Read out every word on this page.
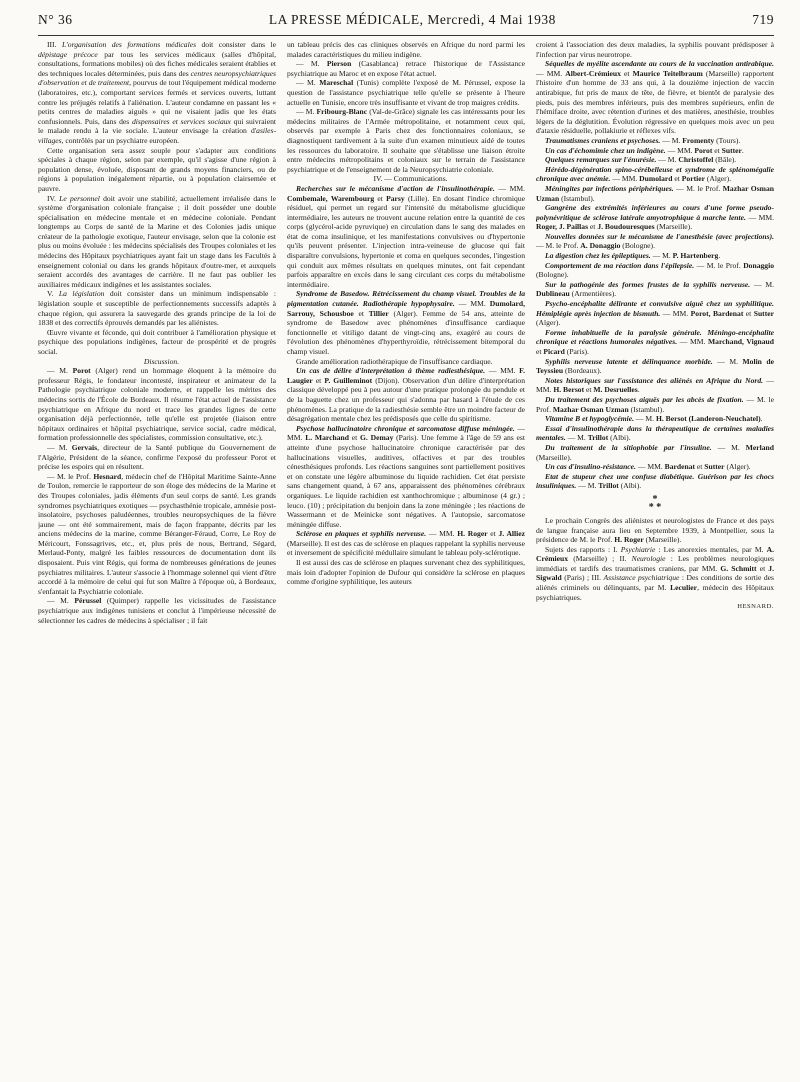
N° 36	LA PRESSE MÉDICALE, Mercredi, 4 Mai 1938	719

III. L'organisation des formations médicales doit consister dans le dépistage précoce par tous les services médicaux (salles d'hôpital, consultations, formations mobiles) où des fiches médicales seraient établies et des techniques locales déterminées, puis dans des centres neuropsychiatriques d'observation et de traitement, pourvus de tout l'équipement médical moderne (laboratoires, etc.), comportant services fermés et services ouverts, luttant contre les préjugés relatifs à l'aliénation. L'auteur condamne en passant les « petits centres de maladies aiguës » qui ne visaient jadis que les états confusionnels. Puis, dans des dispensaires et services sociaux qui suivraient le malade rendu à la vie sociale. L'auteur envisage la création d'asiles-villages, contrôlés par un psychiatre européen.

Cette organisation sera assez souple pour s'adapter aux conditions spéciales à chaque région, selon par exemple, qu'il s'agisse d'une région à population dense, évoluée, disposant de grands moyens financiers, ou de régions à population inégalement répartie, ou à population clairsemée et pauvre.

IV. Le personnel doit avoir une stabilité, actuellement irréalisée dans le système d'organisation coloniale française ; il doit posséder une double spécialisation en médecine mentale et en médecine coloniale. Pendant longtemps au Corps de santé de la Marine et des Colonies jadis unique créateur de la pathologie exotique, l'auteur envisage, selon que la colonie est plus ou moins évoluée : les médecins spécialisés des Troupes coloniales et les médecins des Hôpitaux psychiatriques ayant fait un stage dans les Facultés à enseignement colonial ou dans les grands hôpitaux d'outre-mer, et auxquels seraient accordés des avantages de carrière. Il ne faut pas oublier les auxiliaires médicaux indigènes et les assistantes sociales.

V. La législation doit consister dans un minimum indispensable : législation souple et susceptible de perfectionnements successifs adaptés à chaque région, qui assurera la sauvegarde des grands principe de la loi de 1838 et des correctifs éprouvés demandés par les aliénistes.

Œuvre vivante et féconde, qui doit contribuer à l'amélioration physique et psychique des populations indigènes, facteur de prospérité et de progrès social.

Discussion.

— M. Porot (Alger) rend un hommage éloquent à la mémoire du professeur Régis, le fondateur incontesté, inspirateur et animateur de la Pathologie psychiatrique coloniale moderne, et rappelle les mérites des médecins sortis de l'École de Bordeaux. Il résume l'état actuel de l'assistance psychiatrique en Afrique du nord et trace les grandes lignes de cette organisation déjà perfectionnée, telle qu'elle est projetée (liaison entre hôpitaux ordinaires et hôpital psychiatrique, service social, cadre médical, formation professionnelle des spécialistes, commission consultative, etc.).

— M. Gervais, directeur de la Santé publique du Gouvernement de l'Algérie, Président de la séance, confirme l'exposé du professeur Porot et précise les espoirs qui en résultent.

— M. le Prof. Hesnard, médecin chef de l'Hôpital Maritime Sainte-Anne de Toulon, remercie le rapporteur de son éloge des médecins de la Marine et des Troupes coloniales, jadis éléments d'un seul corps de santé. Les grands syndromes psychiatriques exotiques — psychasthénie tropicale, amnésie post-insolatoire, psychoses paludéennes, troubles neuropsychiques de la fièvre jaune — ont été sommairement, mais de façon frappante, décrits par les anciens médecins de la marine, comme Béranger-Féraud, Corre, Le Roy de Méricourt, Fonssagrives, etc., et, plus près de nous, Bertrand, Ségard, Merlaud-Ponty, malgré les faibles ressources de documentation dont ils disposaient. Puis vint Régis, qui forma de nombreuses générations de jeunes psychiatres militaires. L'auteur s'associe à l'hommage solennel qui vient d'être accordé à la mémoire de celui qui fut son Maître à l'époque où, à Bordeaux, s'enfantait la Psychiatrie coloniale.

— M. Pérussel (Quimper) rappelle les vicissitudes de l'assistance psychiatrique aux indigènes tunisiens et conclut à l'impérieuse nécessité de sélectionner les cadres de médecins à spécialiser ; il fait

un tableau précis des cas cliniques observés en Afrique du nord parmi les malades caractéristiques du milieu indigène.

— M. Pierson (Casablanca) retrace l'historique de l'Assistance psychiatrique au Maroc et en expose l'état actuel.

— M. Mareschal (Tunis) complète l'exposé de M. Pérussel, expose la question de l'assistance psychiatrique telle qu'elle se présente à l'heure actuelle en Tunisie, encore très insuffisante et vivant de trop maigres crédits.

— M. Fribourg-Blanc (Val-de-Grâce) signale les cas intéressants pour les médecins militaires de l'Armée métropolitaine, et notamment ceux qui, observés par exemple à Paris chez des fonctionnaires coloniaux, se diagnostiquent tardivement à la suite d'un examen minutieux aidé de toutes les ressources du laboratoire. Il souhaite que s'établisse une liaison étroite entre médecins métropolitains et coloniaux sur le terrain de l'assistance psychiatrique et de l'enseignement de la Neuropsychiatrie coloniale.

IV. — Communications.

Recherches sur le mécanisme d'action de l'insulinothérapie. — MM. Combemale, Warembourg et Parsy (Lille). En dosant l'indice chromique résiduel, qui permet un regard sur l'intensité du métabolisme glucidique intermédiaire, les auteurs ne trouvent aucune relation entre la quantité de ces corps (glycérol-acide pyruvique) en circulation dans le sang des malades en état de coma insulinique, et les manifestations convulsives ou d'hypertonie qu'ils peuvent présenter. L'injection intra-veineuse de glucose qui fait disparaître convulsions, hypertonie et coma en quelques secondes, l'ingestion qui conduit aux mêmes résultats en quelques minutes, ont fait cependant parfois apparaître en excès dans le sang circulant ces corps du métabolisme intermédiaire.

Syndrome de Basedow. Rétrécissement du champ visuel. Troubles de la pigmentation cutanée. Radiothérapie hypophysaire. — MM. Dumolard, Sarrouy, Schousboe et Tillier (Alger). Femme de 54 ans, atteinte de syndrome de Basedow avec phénomènes d'insuffisance cardiaque fonctionnelle et vitiligo datant de vingt-cinq ans, exagéré au cours de l'évolution des phénomènes d'hyperthyroïdie, rétrécissement bitemporal du champ visuel.

Grande amélioration radiothérapique de l'insuffisance cardiaque.

Un cas de délire d'interprétation à thème radiesthésique. — MM. F. Laugier et P. Guilleminot (Dijon). Observation d'un délire d'interprétation classique développé peu à peu autour d'une pratique prolongée du pendule et de la baguette chez un professeur qui s'adonna par hasard à l'étude de ces phénomènes. La pratique de la radiesthésie semble être un moindre facteur de désagrégation mentale chez les prédisposés que celle du spiritisme.

Psychose hallucinatoire chronique et sarcomatose diffuse méningée. — MM. L. Marchand et G. Demay (Paris). Une femme à l'âge de 59 ans est atteinte d'une psychose hallucinatoire chronique caractérisée par des hallucinations visuelles, auditives, olfactives et par des troubles cénesthésiques profonds. Les réactions sanguines sont partiellement positives et on constate une légère albuminose du liquide rachidien. Cet état persiste sans changement quand, à 67 ans, apparaissent des phénomènes cérébraux organiques. Le liquide rachidien est xanthochromique ; albuminose (4 gr.) ; leuco. (10) ; précipitation du benjoin dans la zone méningée ; les réactions de Wassermann et de Meinicke sont négatives. A l'autopsie, sarcomatose méningée diffuse.

Sclérose en plaques et syphilis nerveuse. — MM. H. Roger et J. Alliez (Marseille). Il est des cas de sclérose en plaques rappelant la syphilis nerveuse et inversement de spécificité médullaire simulant le tableau poly-sclérotique.

Il est aussi des cas de sclérose en plaques survenant chez des syphilitiques, mais loin d'adopter l'opinion de Dufour qui considère la sclérose en plaques comme d'origine syphilitique, les auteurs

croient à l'association des deux maladies, la syphilis pouvant prédisposer à l'infection par virus neurotrope.

Séquelles de myélite ascendante au cours de la vaccination antirabique. — MM. Albert-Crémieux et Maurice Teitelbraum (Marseille) rapportent l'histoire d'un homme de 33 ans qui, à la douzième injection de vaccin antirabique, fut pris de maux de tête, de fièvre, et bientôt de paralysie des pieds, puis des membres inférieurs, puis des membres supérieurs, enfin de l'hémiface droite, avec rétention d'urines et des matières, anesthésie, troubles légers de la déglutition. Évolution régressive en quelques mois avec un peu d'ataxie résiduelle, pollakiurie et réflexes vifs.

Traumatismes craniens et psychoses. — M. Fromenty (Tours).

Un cas d'échomimie chez un indigène. — MM. Porot et Sutter.

Quelques remarques sur l'énurésie. — M. Christoffel (Bâle).

Hérédo-dégénération spino-cérébelleuse et syndrome de splénomégalie chronique avec anémie. — MM. Dumolard et Portier (Alger).

Méningites par infections périphériques. — M. le Prof. Mazhar Osman Uzman (Istambul).

Gangrène des extrémités inférieures au cours d'une forme pseudo-polynévritique de sclérose latérale amyotrophique à marche lente. — MM. Roger, J. Paillas et J. Boudouresques (Marseille).

Nouvelles données sur le mécanisme de l'anesthésie (avec projections). — M. le Prof. A. Donaggio (Bologne).

La digestion chez les épileptiques. — M. P. Hartenberg.

Comportement de ma réaction dans l'épilepsie. — M. le Prof. Donaggio (Bologne).

Sur la pathogénie des formes frustes de la syphilis nerveuse. — M. Dublineau (Armentières).

Psycho-encéphalite délirante et convulsive aiguë chez un syphilitique. Hémiplégie après injection de bismuth. — MM. Porot, Bardenat et Sutter (Alger).

Forme inhabituelle de la paralysie générale. Méningo-encéphalite chronique et réactions humorales négatives. — MM. Marchand, Vignaud et Picard (Paris).

Syphilis nerveuse latente et délinquance morbide. — M. Molin de Teyssieu (Bordeaux).

Notes historiques sur l'assistance des aliénés en Afrique du Nord. — MM. H. Bersot et M. Desruelles.

Du traitement des psychoses aiguës par les abcès de fixation. — M. le Prof. Mazhar Osman Uzman (Istambul).

Vitamine B et hypoglycémie. — M. H. Bersot (Landeron-Neuchatel).

Essai d'insulinothérapie dans la thérapeutique de certaines maladies mentales. — M. Trillot (Albi).

Du traitement de la sitiophobie par l'insuline. — M. Merland (Marseille).

Un cas d'insulino-résistance. — MM. Bardenat et Sutter (Alger).

Etat de stupeur chez une confuse diabétique. Guérison par les chocs insuliniques. — M. Trillot (Albi).

*
* *

Le prochain Congrès des aliénistes et neurologistes de France et des pays de langue française aura lieu en Septembre 1939, à Montpellier, sous la présidence de M. le Prof. H. Roger (Marseille).

Sujets des rapports : I. Psychiatrie : Les anorexies mentales, par M. A. Crémieux (Marseille) ; II. Neurologie : Les problèmes neurologiques immédiats et tardifs des traumatismes craniens, par MM. G. Schmitt et J. Sigwald (Paris) ; III. Assistance psychiatrique : Des conditions de sortie des aliénés criminels ou délinquants, par M. Leculier, médecin des Hôpitaux psychiatriques.

HESNARD.
